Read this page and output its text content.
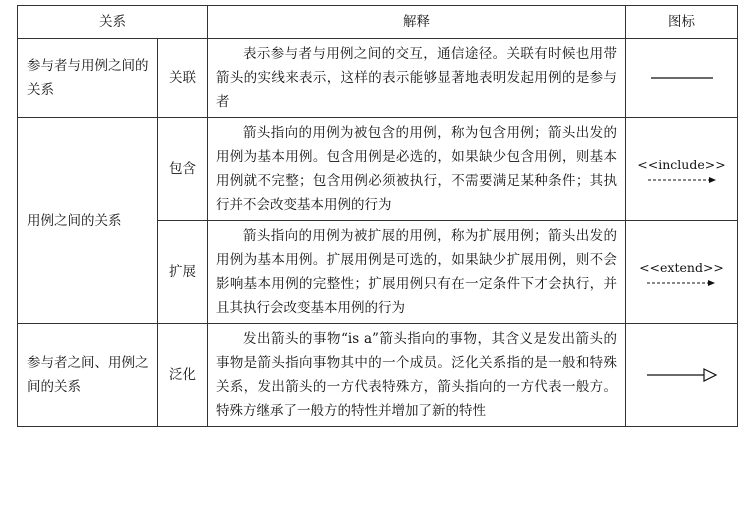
关系		解释	图标
参与者与用例之间的关系	关联	表示参与者与用例之间的交互，通信途径。关联有时候也用带箭头的实线来表示，这样的表示能够显著地表明发起用例的是参与者	

用例之间的关系	包含	箭头指向的用例为被包含的用例，称为包含用例；箭头出发的用例为基本用例。包含用例是必选的，如果缺少包含用例，则基本用例就不完整；包含用例必须被执行，不需要满足某种条件；其执行并不会改变基本用例的行为	<<include>>

	扩展	箭头指向的用例为被扩展的用例，称为扩展用例；箭头出发的用例为基本用例。扩展用例是可选的，如果缺少扩展用例，则不会影响基本用例的完整性；扩展用例只有在一定条件下才会执行，并且其执行会改变基本用例的行为	<<extend>>

参与者之间、用例之间的关系	泛化	发出箭头的事物“is a”箭头指向的事物，其含义是发出箭头的事物是箭头指向事物其中的一个成员。泛化关系指的是一般和特殊关系，发出箭头的一方代表特殊方，箭头指向的一方代表一般方。特殊方继承了一般方的特性并增加了新的特性	
